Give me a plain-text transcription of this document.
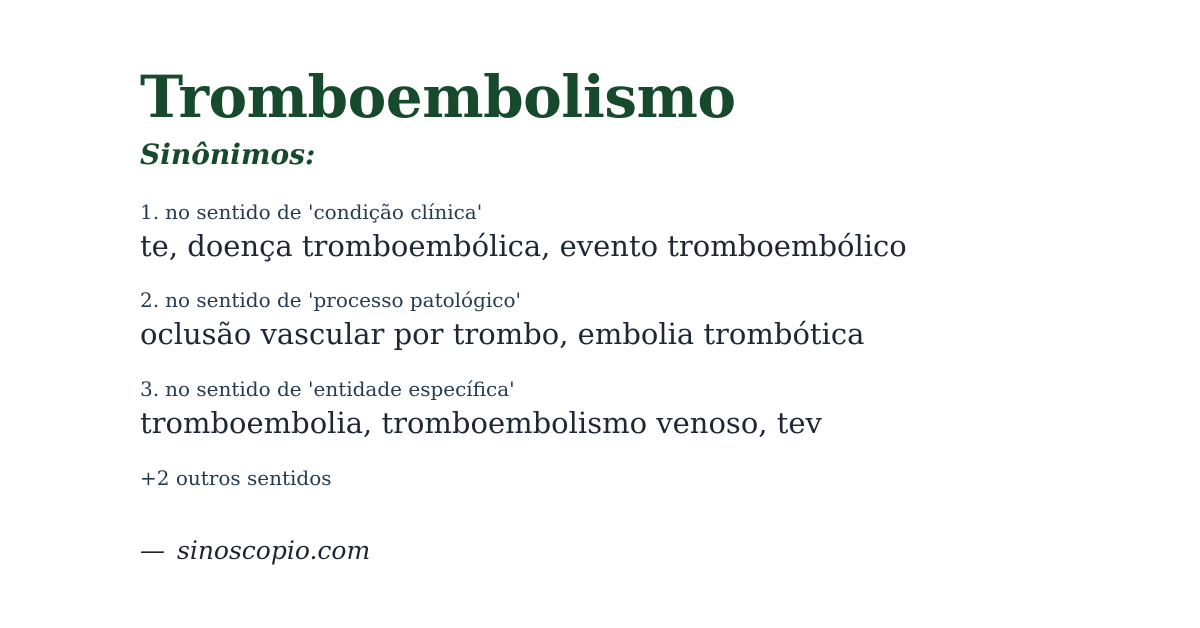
Tromboembolismo
Sinônimos:
1. no sentido de 'condição clínica'
te, doença tromboembólica, evento tromboembólico
2. no sentido de 'processo patológico'
oclusão vascular por trombo, embolia trombótica
3. no sentido de 'entidade específica'
tromboembolia, tromboembolismo venoso, tev
+2 outros sentidos
— sinoscopio.com
